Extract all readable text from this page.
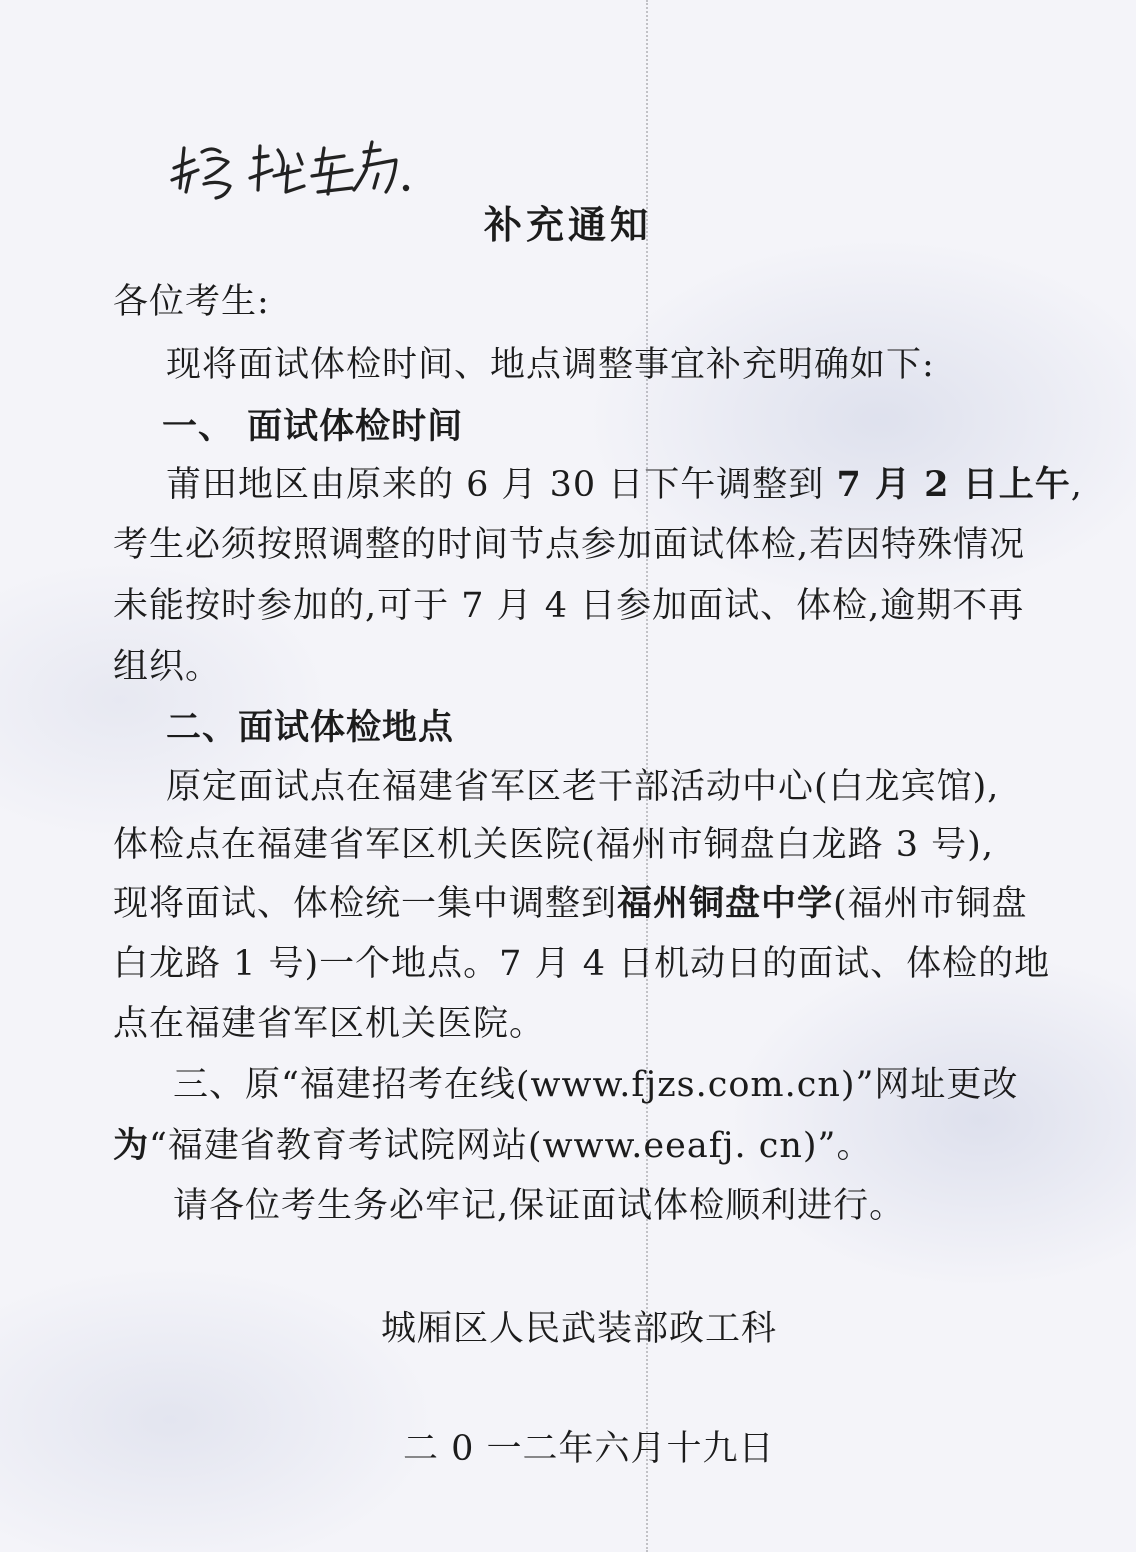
补充通知
各位考生:
现将面试体检时间、地点调整事宜补充明确如下:
一、 面试体检时间
莆田地区由原来的 6 月 30 日下午调整到 7 月 2 日上午,
考生必须按照调整的时间节点参加面试体检,若因特殊情况
未能按时参加的,可于 7 月 4 日参加面试、体检,逾期不再
组织。
二、面试体检地点
原定面试点在福建省军区老干部活动中心(白龙宾馆),
体检点在福建省军区机关医院(福州市铜盘白龙路 3 号),
现将面试、体检统一集中调整到福州铜盘中学(福州市铜盘
白龙路 1 号)一个地点。7 月 4 日机动日的面试、体检的地
点在福建省军区机关医院。
三、原“福建招考在线(www.fjzs.com.cn)”网址更改
为“福建省教育考试院网站(www.eeafj. cn)”。
请各位考生务必牢记,保证面试体检顺利进行。
城厢区人民武装部政工科
二 0 一二年六月十九日
